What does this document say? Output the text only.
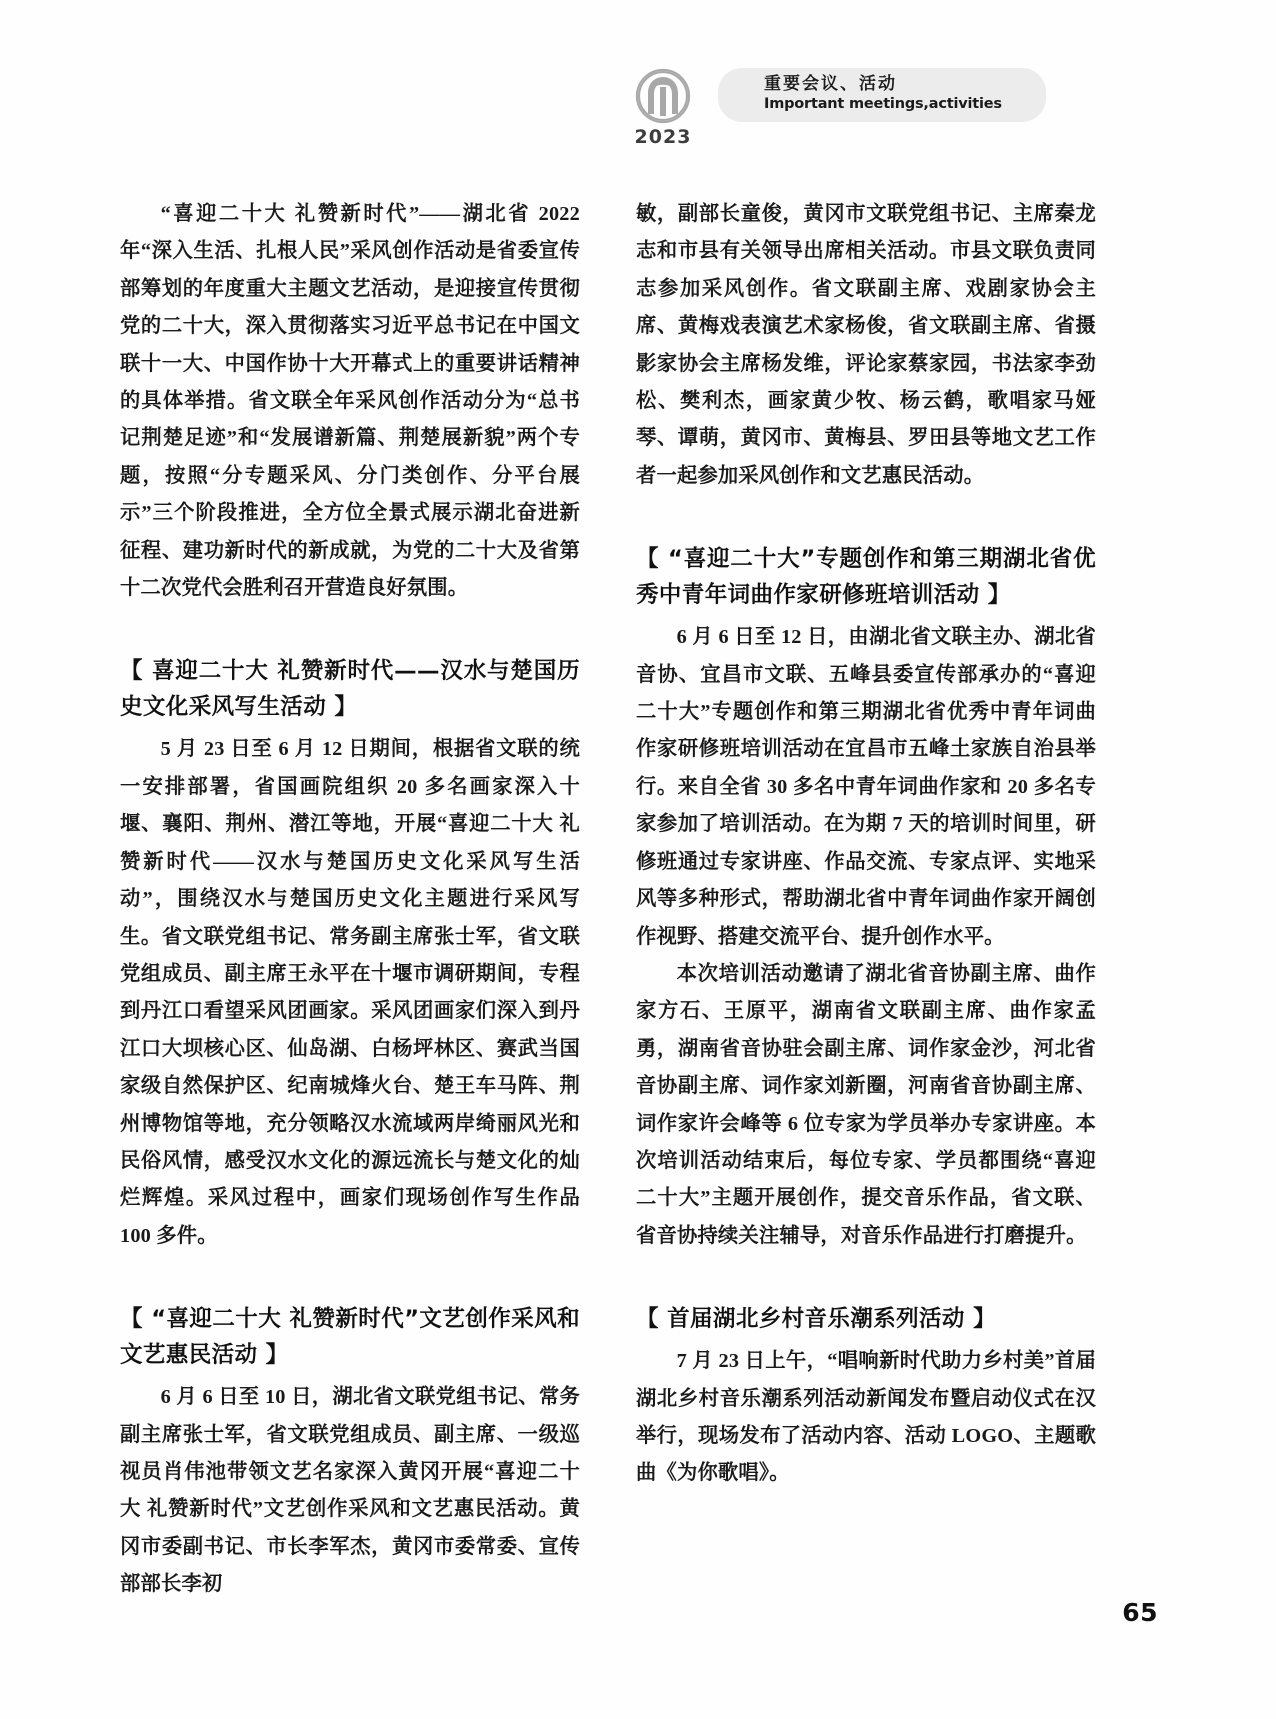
2023
重要会议、活动
Important meetings,activities

“喜迎二十大 礼赞新时代”——湖北省 2022 年“深入生活、扎根人民”采风创作活动是省委宣传部筹划的年度重大主题文艺活动，是迎接宣传贯彻党的二十大，深入贯彻落实习近平总书记在中国文联十一大、中国作协十大开幕式上的重要讲话精神的具体举措。省文联全年采风创作活动分为“总书记荆楚足迹”和“发展谱新篇、荆楚展新貌”两个专题，按照“分专题采风、分门类创作、分平台展示”三个阶段推进，全方位全景式展示湖北奋进新征程、建功新时代的新成就，为党的二十大及省第十二次党代会胜利召开营造良好氛围。

【 喜迎二十大 礼赞新时代——汉水与楚国历史文化采风写生活动 】

5 月 23 日至 6 月 12 日期间，根据省文联的统一安排部署，省国画院组织 20 多名画家深入十堰、襄阳、荆州、潜江等地，开展“喜迎二十大 礼赞新时代——汉水与楚国历史文化采风写生活动”，围绕汉水与楚国历史文化主题进行采风写生。省文联党组书记、常务副主席张士军，省文联党组成员、副主席王永平在十堰市调研期间，专程到丹江口看望采风团画家。采风团画家们深入到丹江口大坝核心区、仙岛湖、白杨坪林区、赛武当国家级自然保护区、纪南城烽火台、楚王车马阵、荆州博物馆等地，充分领略汉水流域两岸绮丽风光和民俗风情，感受汉水文化的源远流长与楚文化的灿烂辉煌。采风过程中，画家们现场创作写生作品 100 多件。

【 “喜迎二十大 礼赞新时代”文艺创作采风和文艺惠民活动 】

6 月 6 日至 10 日，湖北省文联党组书记、常务副主席张士军，省文联党组成员、副主席、一级巡视员肖伟池带领文艺名家深入黄冈开展“喜迎二十大 礼赞新时代”文艺创作采风和文艺惠民活动。黄冈市委副书记、市长李军杰，黄冈市委常委、宣传部部长李初

敏，副部长童俊，黄冈市文联党组书记、主席秦龙志和市县有关领导出席相关活动。市县文联负责同志参加采风创作。省文联副主席、戏剧家协会主席、黄梅戏表演艺术家杨俊，省文联副主席、省摄影家协会主席杨发维，评论家蔡家园，书法家李劲松、樊利杰，画家黄少牧、杨云鹤，歌唱家马娅琴、谭萌，黄冈市、黄梅县、罗田县等地文艺工作者一起参加采风创作和文艺惠民活动。

【 “喜迎二十大”专题创作和第三期湖北省优秀中青年词曲作家研修班培训活动 】

6 月 6 日至 12 日，由湖北省文联主办、湖北省音协、宜昌市文联、五峰县委宣传部承办的“喜迎二十大”专题创作和第三期湖北省优秀中青年词曲作家研修班培训活动在宜昌市五峰土家族自治县举行。来自全省 30 多名中青年词曲作家和 20 多名专家参加了培训活动。在为期 7 天的培训时间里，研修班通过专家讲座、作品交流、专家点评、实地采风等多种形式，帮助湖北省中青年词曲作家开阔创作视野、搭建交流平台、提升创作水平。

本次培训活动邀请了湖北省音协副主席、曲作家方石、王原平，湖南省文联副主席、曲作家孟勇，湖南省音协驻会副主席、词作家金沙，河北省音协副主席、词作家刘新圈，河南省音协副主席、词作家许会峰等 6 位专家为学员举办专家讲座。本次培训活动结束后，每位专家、学员都围绕“喜迎二十大”主题开展创作，提交音乐作品，省文联、省音协持续关注辅导，对音乐作品进行打磨提升。

【 首届湖北乡村音乐潮系列活动 】

7 月 23 日上午，“唱响新时代助力乡村美”首届湖北乡村音乐潮系列活动新闻发布暨启动仪式在汉举行，现场发布了活动内容、活动 LOGO、主题歌曲《为你歌唱》。

65
